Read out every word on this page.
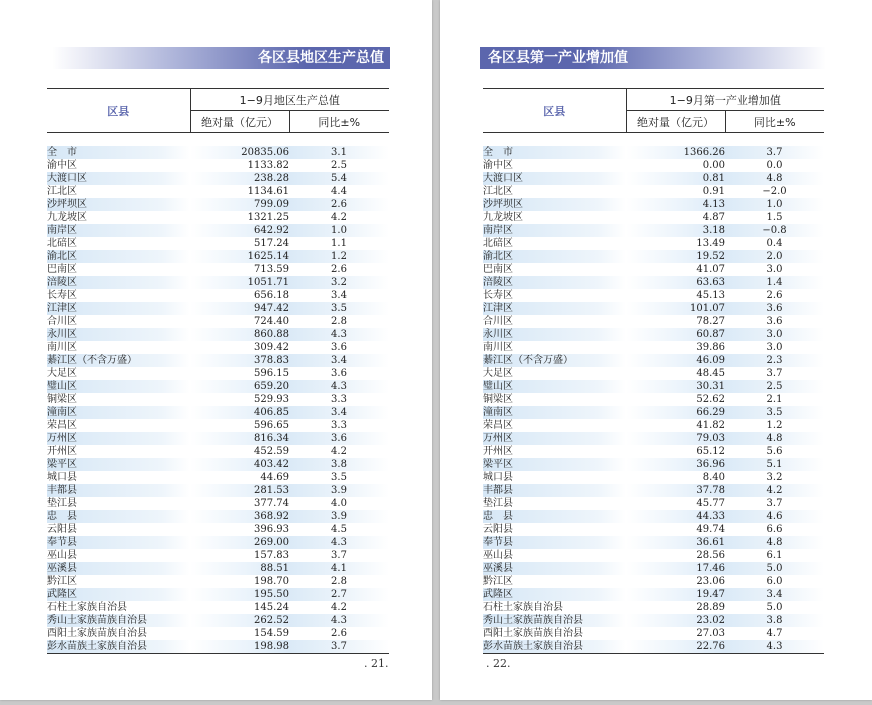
各区县地区生产总值
区县	1−9月地区生产总值	
	绝对量（亿元）	同比±%

全　市	20835.06	3.1
渝中区	1133.82	2.5
大渡口区	238.28	5.4
江北区	1134.61	4.4
沙坪坝区	799.09	2.6
九龙坡区	1321.25	4.2
南岸区	642.92	1.0
北碚区	517.24	1.1
渝北区	1625.14	1.2
巴南区	713.59	2.6
涪陵区	1051.71	3.2
长寿区	656.18	3.4
江津区	947.42	3.5
合川区	724.40	2.8
永川区	860.88	4.3
南川区	309.42	3.6
綦江区（不含万盛）	378.83	3.4
大足区	596.15	3.6
璧山区	659.20	4.3
铜梁区	529.93	3.3
潼南区	406.85	3.4
荣昌区	596.65	3.3
万州区	816.34	3.6
开州区	452.59	4.2
梁平区	403.42	3.8
城口县	44.69	3.5
丰都县	281.53	3.9
垫江县	377.74	4.0
忠　县	368.92	3.9
云阳县	396.93	4.5
奉节县	269.00	4.3
巫山县	157.83	3.7
巫溪县	88.51	4.1
黔江区	198.70	2.8
武隆区	195.50	2.7
石柱土家族自治县	145.24	4.2
秀山土家族苗族自治县	262.52	4.3
酉阳土家族苗族自治县	154.59	2.6
彭水苗族土家族自治县	198.98	3.7
. 21.
各区县第一产业增加值
区县	1−9月第一产业增加值	
	绝对量（亿元）	同比±%

全　市	1366.26	3.7
渝中区	0.00	0.0
大渡口区	0.81	4.8
江北区	0.91	−2.0
沙坪坝区	4.13	1.0
九龙坡区	4.87	1.5
南岸区	3.18	−0.8
北碚区	13.49	0.4
渝北区	19.52	2.0
巴南区	41.07	3.0
涪陵区	63.63	1.4
长寿区	45.13	2.6
江津区	101.07	3.6
合川区	78.27	3.6
永川区	60.87	3.0
南川区	39.86	3.0
綦江区（不含万盛）	46.09	2.3
大足区	48.45	3.7
璧山区	30.31	2.5
铜梁区	52.62	2.1
潼南区	66.29	3.5
荣昌区	41.82	1.2
万州区	79.03	4.8
开州区	65.12	5.6
梁平区	36.96	5.1
城口县	8.40	3.2
丰都县	37.78	4.2
垫江县	45.77	3.7
忠　县	44.33	4.6
云阳县	49.74	6.6
奉节县	36.61	4.8
巫山县	28.56	6.1
巫溪县	17.46	5.0
黔江区	23.06	6.0
武隆区	19.47	3.4
石柱土家族自治县	28.89	5.0
秀山土家族苗族自治县	23.02	3.8
酉阳土家族苗族自治县	27.03	4.7
彭水苗族土家族自治县	22.76	4.3
. 22.
